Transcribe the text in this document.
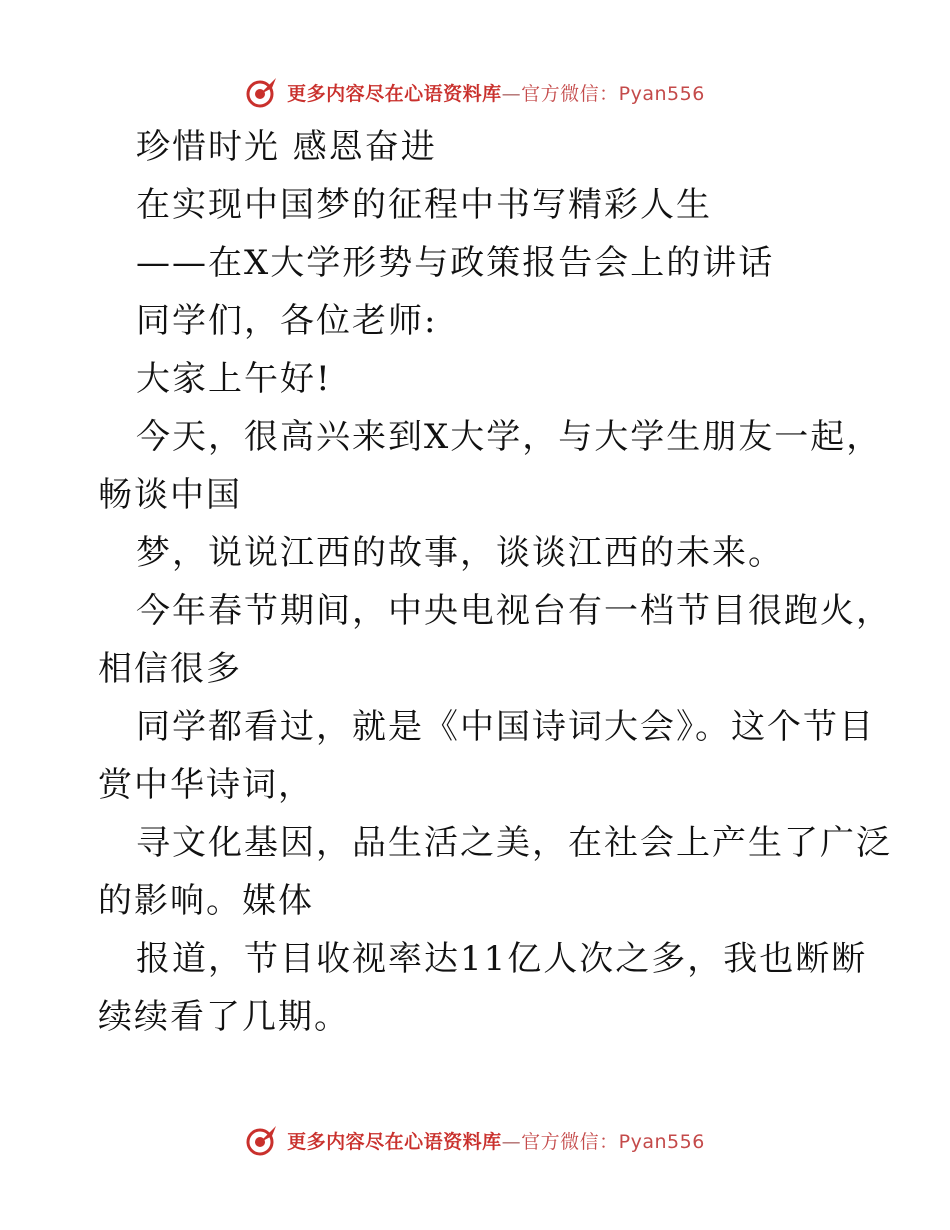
更多内容尽在心语资料库—官方微信：Pyan556
珍惜时光 感恩奋进
在实现中国梦的征程中书写精彩人生
——在X大学形势与政策报告会上的讲话
同学们，各位老师:
大家上午好!
今天，很高兴来到X大学，与大学生朋友一起，
畅谈中国
梦，说说江西的故事，谈谈江西的未来。
今年春节期间，中央电视台有一档节目很跑火，
相信很多
同学都看过，就是《中国诗词大会》。这个节目
赏中华诗词，
寻文化基因，品生活之美，在社会上产生了广泛
的影响。媒体
报道，节目收视率达11亿人次之多，我也断断
续续看了几期。
更多内容尽在心语资料库—官方微信：Pyan556
